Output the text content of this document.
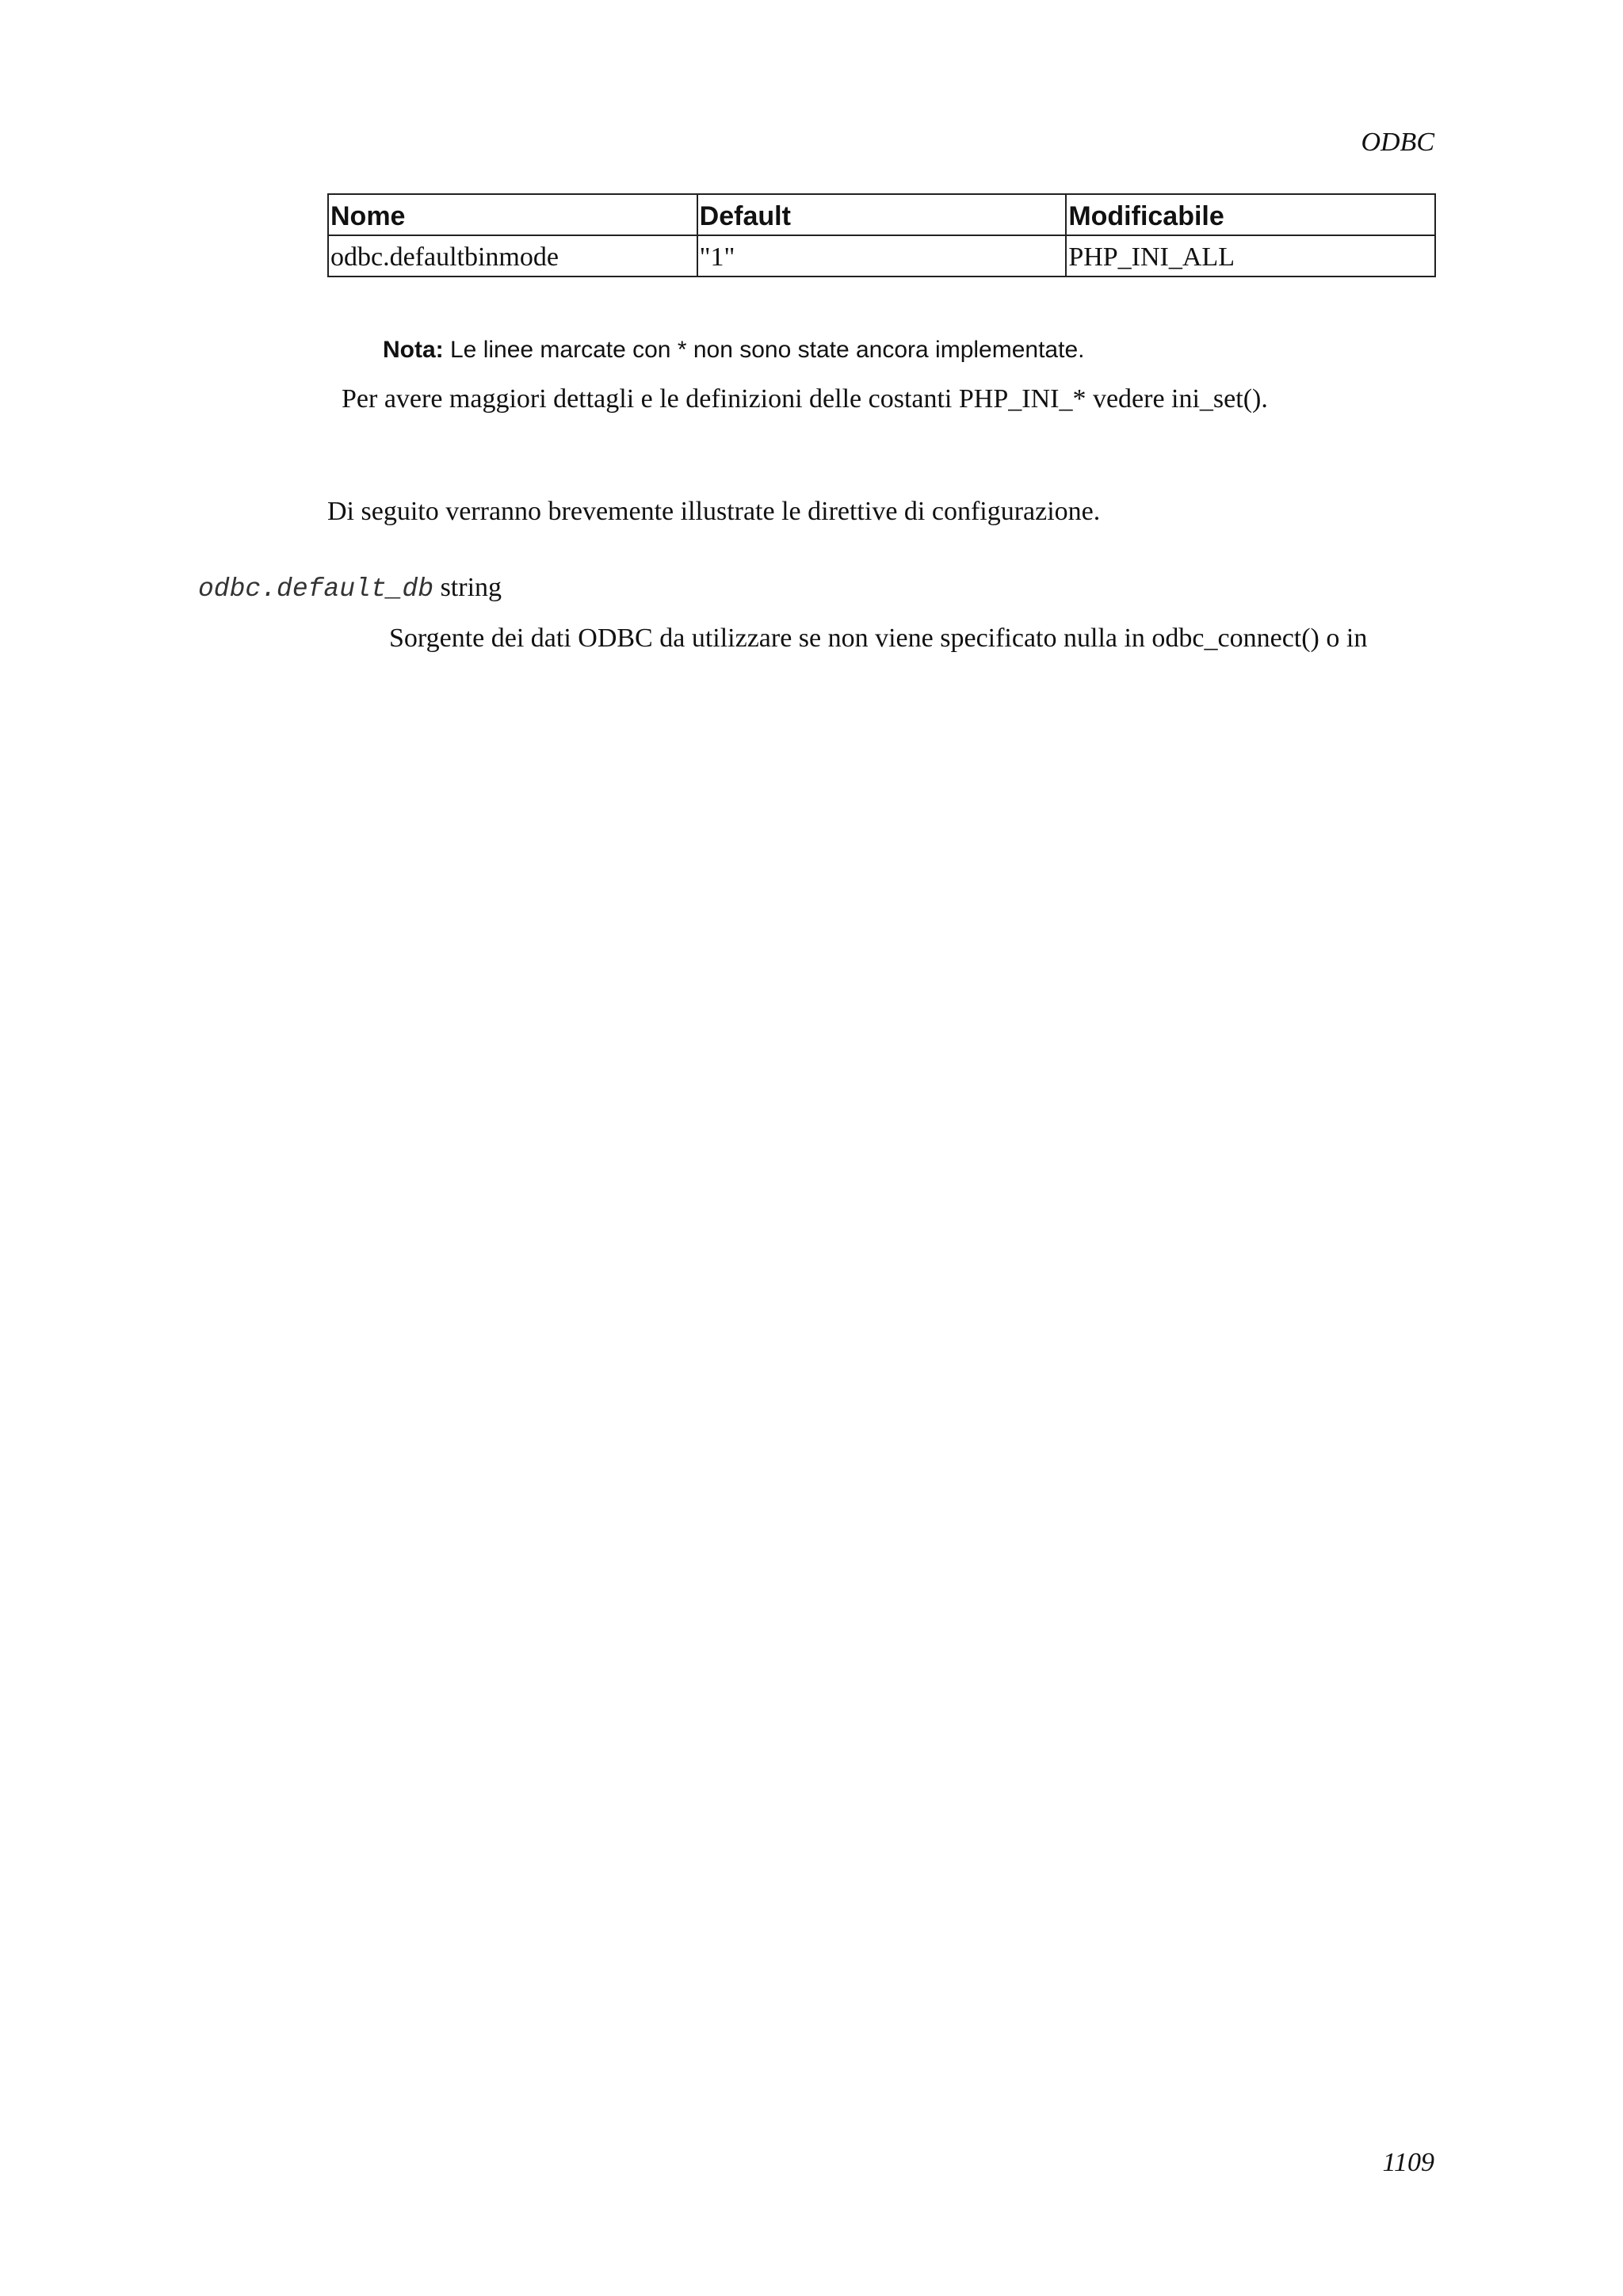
ODBC
Nome	Default	Modificabile
odbc.defaultbinmode	"1"	PHP_INI_ALL
Nota: Le linee marcate con * non sono state ancora implementate.
Per avere maggiori dettagli e le definizioni delle costanti PHP_INI_* vedere ini_set().
Di seguito verranno brevemente illustrate le direttive di configurazione.
odbc.default_db string
Sorgente dei dati ODBC da utilizzare se non viene specificato nulla in odbc_connect() o in
1109
